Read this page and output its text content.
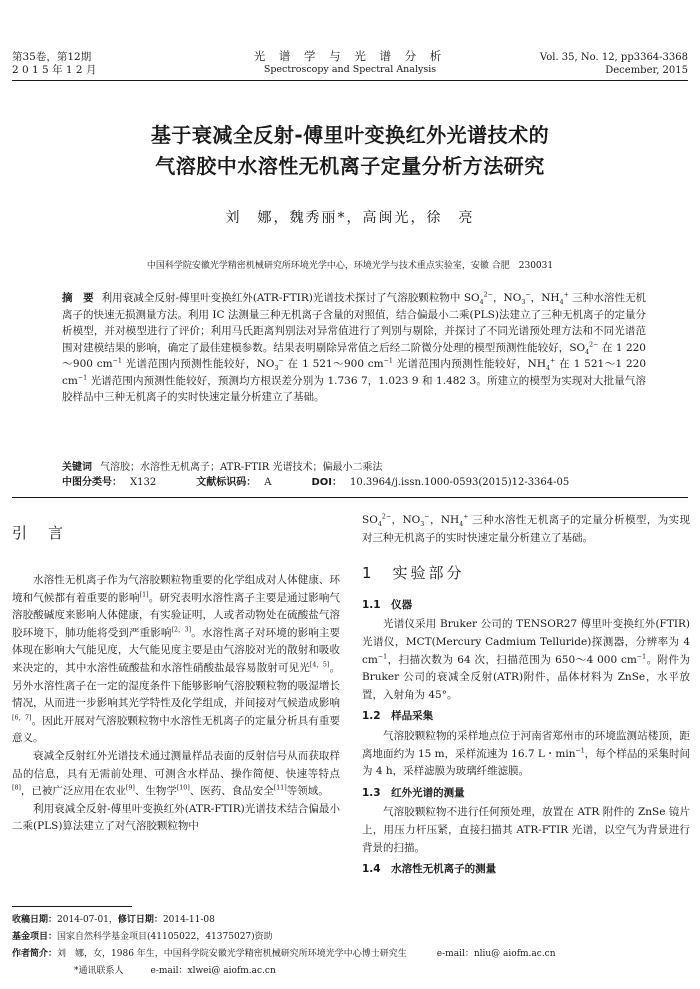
第35卷，第12期
2 0 1 5 年 1 2 月
光 谱 学 与 光 谱 分 析
Spectroscopy and Spectral Analysis
Vol. 35, No. 12, pp3364-3368
December, 2015
基于衰减全反射-傅里叶变换红外光谱技术的
气溶胶中水溶性无机离子定量分析方法研究
刘　娜，魏秀丽*，高闽光，徐　亮
中国科学院安徽光学精密机械研究所环境光学中心，环境光学与技术重点实验室，安徽 合肥　230031
摘　要 利用衰减全反射-傅里叶变换红外(ATR-FTIR)光谱技术探讨了气溶胶颗粒物中 $SO_4^{2-}$，$NO_3^-$，$NH_4^+$ 三种水溶性无机离子的快速无损测量方法。利用 IC 法测量三种无机离子含量的对照值，结合偏最小二乘(PLS)法建立了三种无机离子的定量分析模型，并对模型进行了评价；利用马氏距离判别法对异常值进行了判别与剔除，并探讨了不同光谱预处理方法和不同光谱范围对建模结果的影响，确定了最佳建模参数。结果表明剔除异常值之后经二阶微分处理的模型预测性能较好，$SO_4^{2-}$ 在 1 220～900 $cm^{-1}$ 光谱范围内预测性能较好，$NO_3^-$ 在 1 521～900 $cm^{-1}$ 光谱范围内预测性能较好，$NH_4^+$ 在 1 521～1 220 $cm^{-1}$ 光谱范围内预测性能较好，预测均方根误差分别为 1.736 7，1.023 9 和 1.482 3。所建立的模型为实现对大批量气溶胶样品中三种无机离子的实时快速定量分析建立了基础。
关键词 气溶胶；水溶性无机离子；ATR-FTIR 光谱技术；偏最小二乘法
中图分类号： X132	文献标识码： A	DOI： 10.3964/j.issn.1000-0593(2015)12-3364-05
引　言

水溶性无机离子作为气溶胶颗粒物重要的化学组成对人体健康、环境和气候都有着重要的影响[1]。研究表明水溶性离子主要是通过影响气溶胶酸碱度来影响人体健康，有实验证明，人或者动物处在硫酸盐气溶胶环境下，肺功能将受到严重影响[2，3]。水溶性离子对环境的影响主要体现在影响大气能见度，大气能见度主要是由气溶胶对光的散射和吸收来决定的，其中水溶性硫酸盐和水溶性硝酸盐最容易散射可见光[4，5]。另外水溶性离子在一定的湿度条件下能够影响气溶胶颗粒物的吸湿增长情况，从而进一步影响其光学特性及化学组成，并间接对气候造成影响[6，7]。因此开展对气溶胶颗粒物中水溶性无机离子的定量分析具有重要意义。

衰减全反射红外光谱技术通过测量样品表面的反射信号从而获取样品的信息，具有无需前处理、可测含水样品、操作简便、快速等特点[8]，已被广泛应用在农业[9]、生物学[10]、医药、食品安全[11]等领域。

利用衰减全反射-傅里叶变换红外(ATR-FTIR)光谱技术结合偏最小二乘(PLS)算法建立了对气溶胶颗粒物中

$SO_4^{2-}$，$NO_3^-$，$NH_4^+$ 三种水溶性无机离子的定量分析模型，为实现对三种无机离子的实时快速定量分析建立了基础。

1　实验部分
1.1　仪器

光谱仪采用 Bruker 公司的 TENSOR27 傅里叶变换红外(FTIR)光谱仪，MCT(Mercury Cadmium Telluride)探测器，分辨率为 4 $cm^{-1}$，扫描次数为 64 次，扫描范围为 650～4 000 $cm^{-1}$。附件为 Bruker 公司的衰减全反射(ATR)附件，晶体材料为 ZnSe，水平放置，入射角为 45°。

1.2　样品采集

气溶胶颗粒物的采样地点位于河南省郑州市的环境监测站楼顶，距离地面约为 15 m，采样流速为 16.7 L・$\min^{-1}$，每个样品的采集时间为 4 h，采样滤膜为玻璃纤维滤膜。

1.3　红外光谱的测量

气溶胶颗粒物不进行任何预处理，放置在 ATR 附件的 ZnSe 镜片上，用压力杆压紧，直接扫描其 ATR-FTIR 光谱，以空气为背景进行背景的扫描。

1.4　水溶性无机离子的测量
收稿日期：2014-07-01，修订日期：2014-11-08
基金项目：国家自然科学基金项目(41105022，41375027)资助
作者简介：刘　娜，女，1986 年生，中国科学院安徽光学精密机械研究所环境光学中心博士研究生	e-mail：nliu@ aiofm.ac.cn
*通讯联系人　　　e-mail：xlwei@ aiofm.ac.cn
